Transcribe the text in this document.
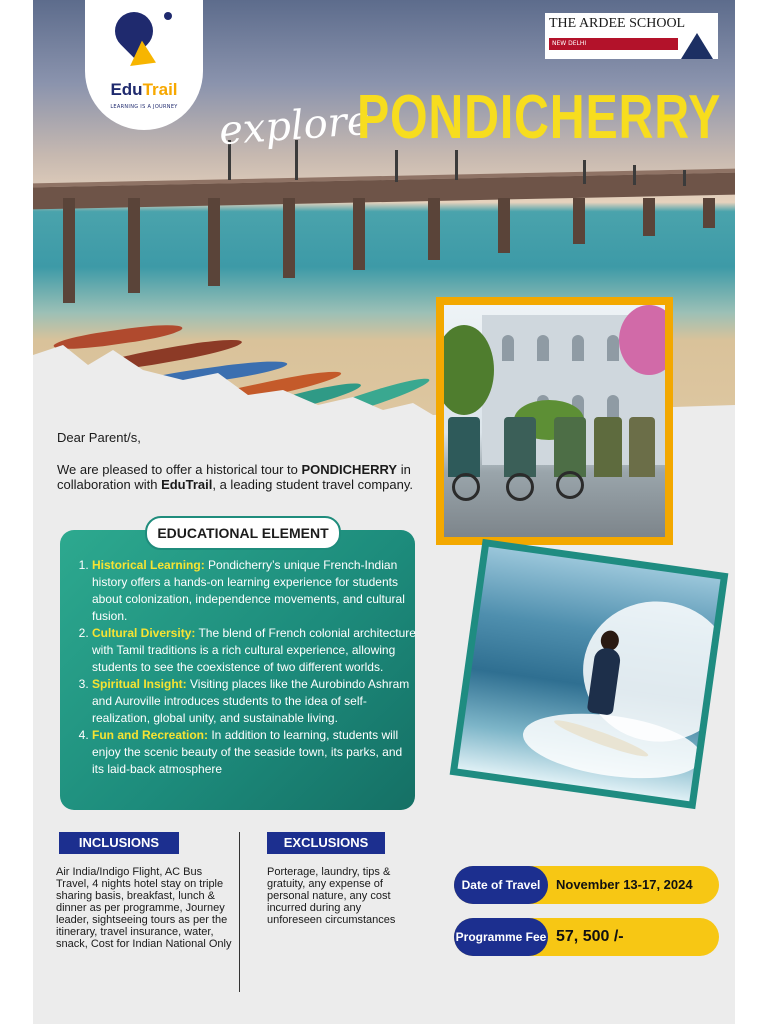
EduTrail
LEARNING IS A JOURNEY
THE ARDEE SCHOOL
NEW DELHI
explore
PONDICHERRY

Dear Parent/s,

We are pleased to offer a historical tour to PONDICHERRY in collaboration with EduTrail, a leading student travel company.

EDUCATIONAL ELEMENT
1. Historical Learning: Pondicherry’s unique French-Indian history offers a hands-on learning experience for students about colonization, independence movements, and cultural fusion.
2. Cultural Diversity: The blend of French colonial architecture with Tamil traditions is a rich cultural experience, allowing students to see the coexistence of two different worlds.
3. Spiritual Insight: Visiting places like the Aurobindo Ashram and Auroville introduces students to the idea of self-realization, global unity, and sustainable living.
4. Fun and Recreation: In addition to learning, students will enjoy the scenic beauty of the seaside town, its parks, and its laid-back atmosphere
INCLUSIONS
Air India/Indigo Flight, AC Bus Travel, 4 nights hotel stay on triple sharing basis, breakfast, lunch & dinner as per programme, Journey leader, sightseeing tours as per the itinerary, travel insurance, water, snack, Cost for Indian National Only
EXCLUSIONS
Porterage, laundry, tips & gratuity, any expense of personal nature, any cost incurred during any unforeseen circumstances
Date of Travel	November 13-17, 2024
Programme Fee 57, 500 /-
